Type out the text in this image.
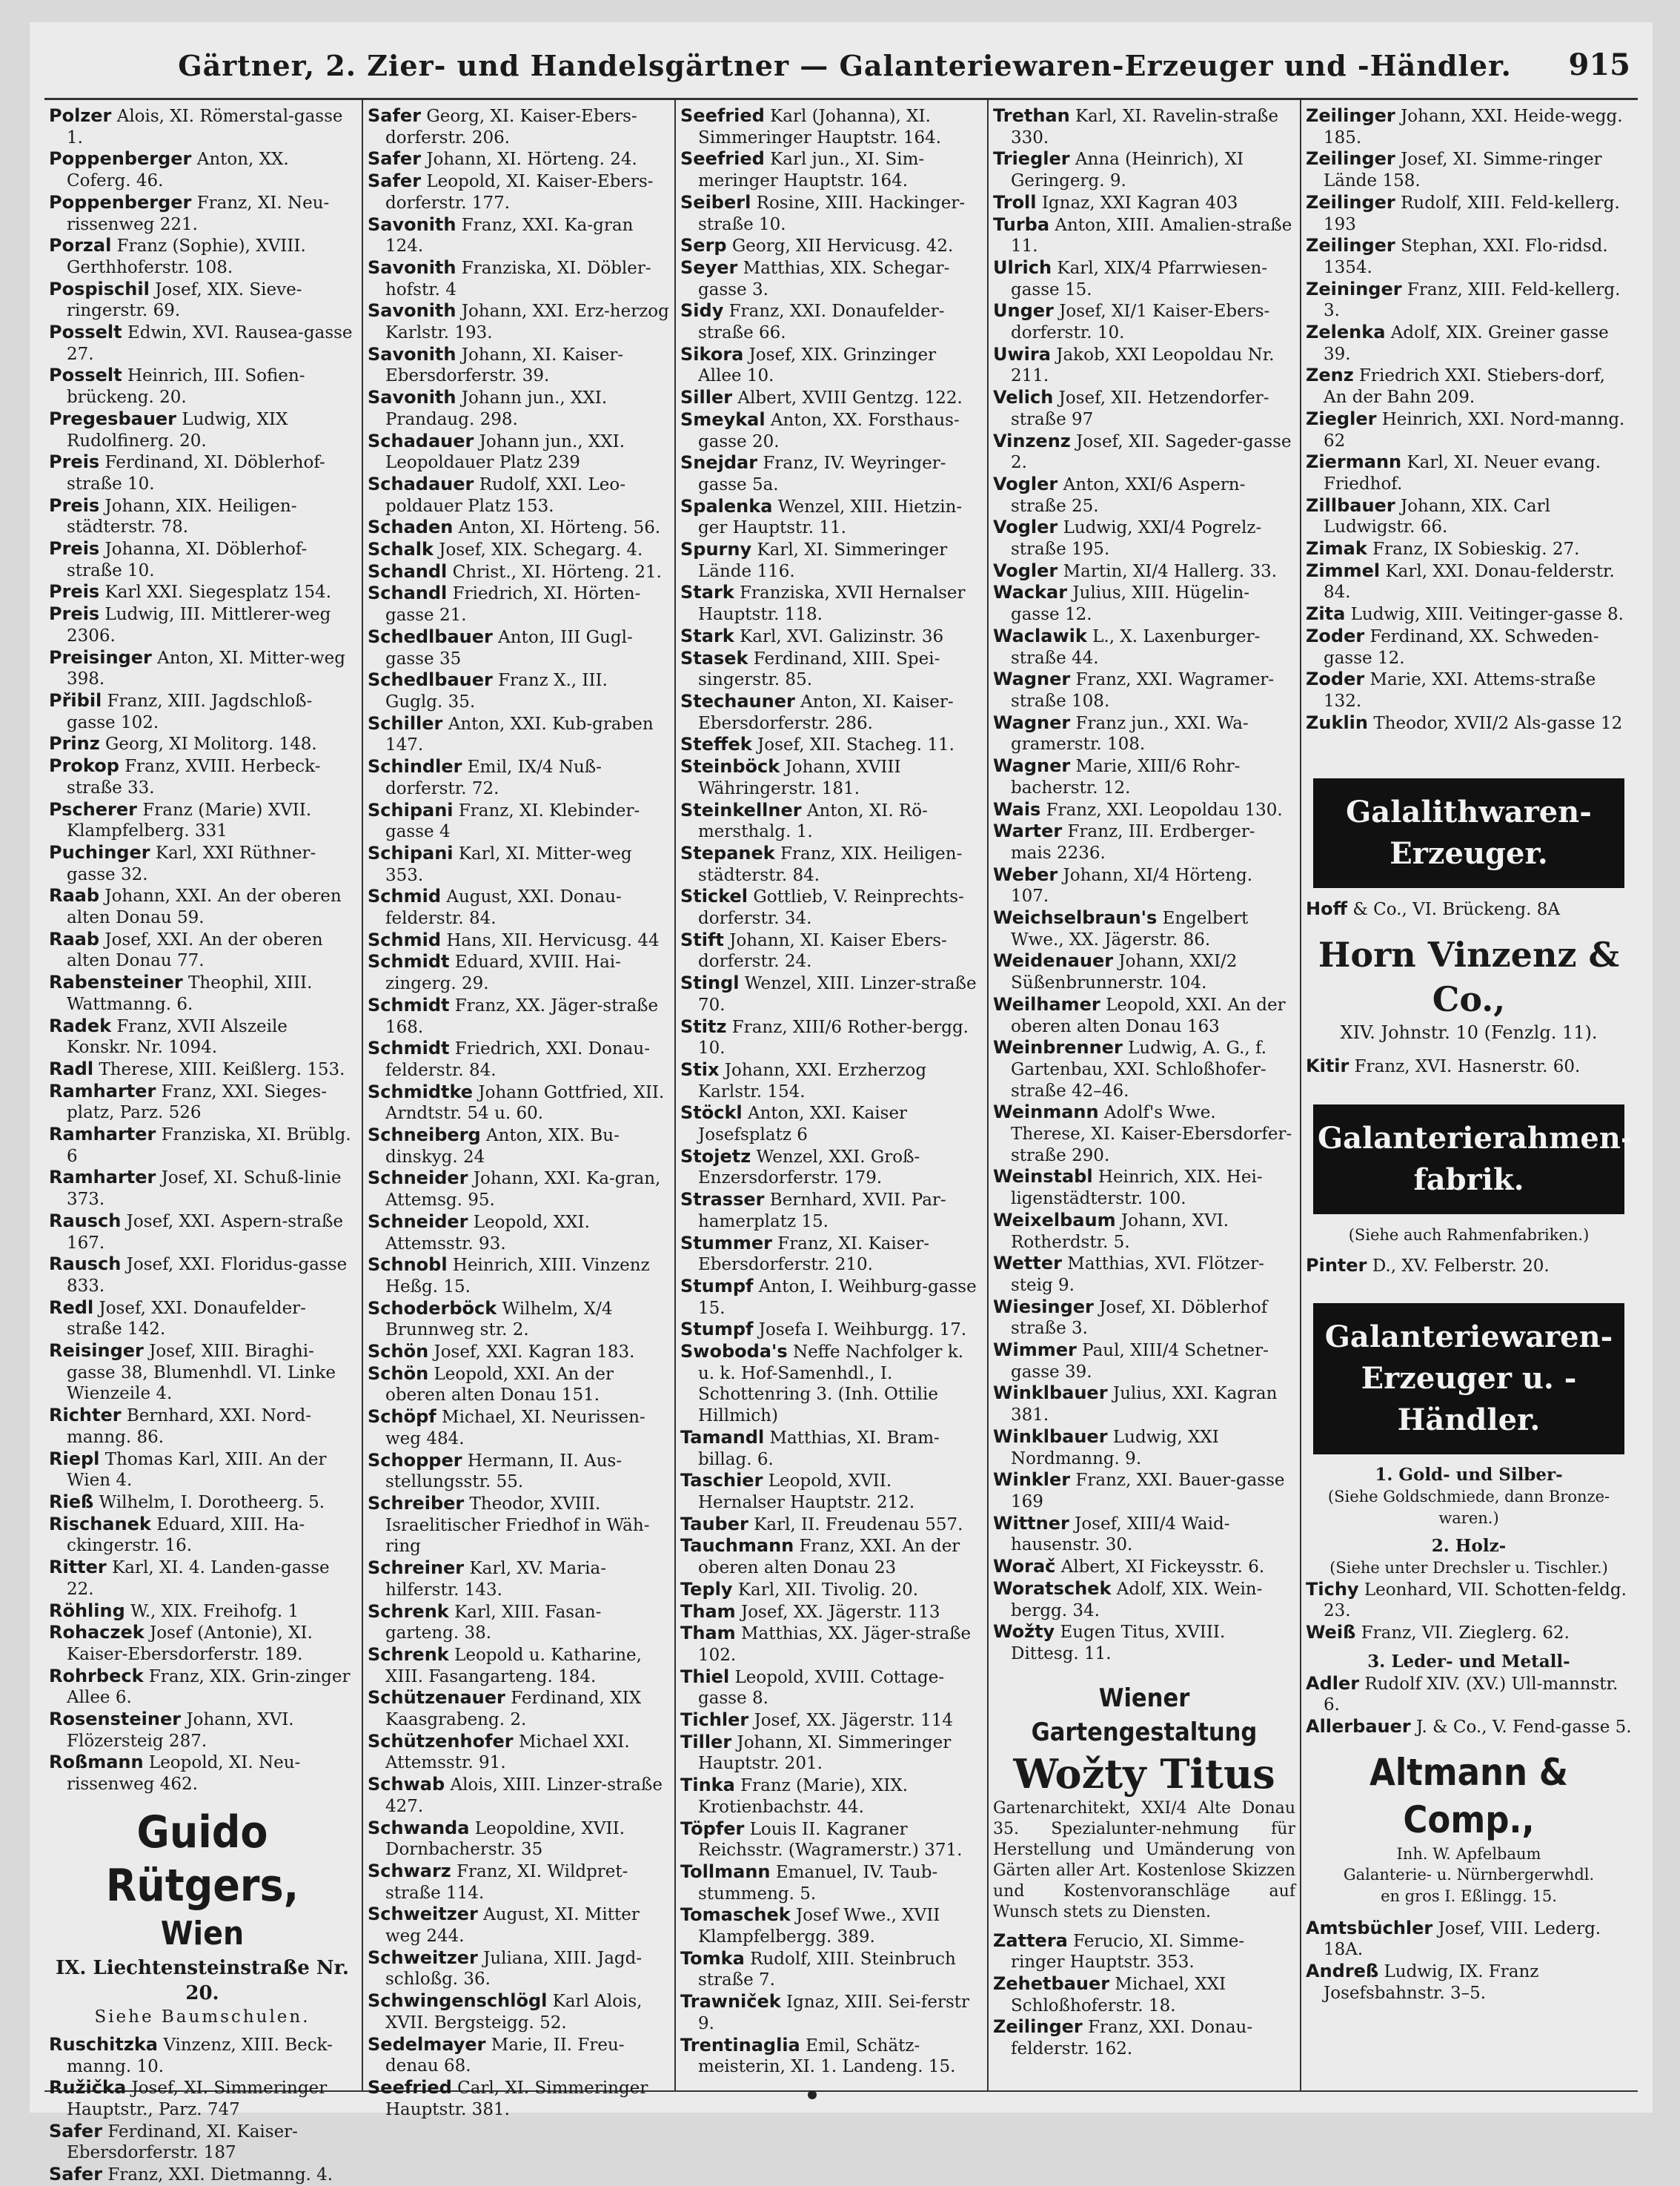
Gärtner, 2. Zier- und Handelsgärtner — Galanteriewaren-Erzeuger und -Händler. 915

Polzer Alois, XI. Römerstal-gasse 1.

Poppenberger Anton, XX. Coferg. 46.

Poppenberger Franz, XI. Neu-rissenweg 221.

Porzal Franz (Sophie), XVIII. Gerthhoferstr. 108.

Pospischil Josef, XIX. Sieve-ringerstr. 69.

Posselt Edwin, XVI. Rausea-gasse 27.

Posselt Heinrich, III. Sofien-brückeng. 20.

Pregesbauer Ludwig, XIX Rudolfinerg. 20.

Preis Ferdinand, XI. Döblerhof-straße 10.

Preis Johann, XIX. Heiligen-städterstr. 78.

Preis Johanna, XI. Döblerhof-straße 10.

Preis Karl XXI. Siegesplatz 154.

Preis Ludwig, III. Mittlerer-weg 2306.

Preisinger Anton, XI. Mitter-weg 398.

Přibil Franz, XIII. Jagdschloß-gasse 102.

Prinz Georg, XI Molitorg. 148.

Prokop Franz, XVIII. Herbeck-straße 33.

Pscherer Franz (Marie) XVII. Klampfelberg. 331

Puchinger Karl, XXI Rüthner-gasse 32.

Raab Johann, XXI. An der oberen alten Donau 59.

Raab Josef, XXI. An der oberen alten Donau 77.

Rabensteiner Theophil, XIII. Wattmanng. 6.

Radek Franz, XVII Alszeile Konskr. Nr. 1094.

Radl Therese, XIII. Keißlerg. 153.

Ramharter Franz, XXI. Sieges-platz, Parz. 526

Ramharter Franziska, XI. Brüblg. 6

Ramharter Josef, XI. Schuß-linie 373.

Rausch Josef, XXI. Aspern-straße 167.

Rausch Josef, XXI. Floridus-gasse 833.

Redl Josef, XXI. Donaufelder-straße 142.

Reisinger Josef, XIII. Biraghi-gasse 38, Blumenhdl. VI. Linke Wienzeile 4.

Richter Bernhard, XXI. Nord-manng. 86.

Riepl Thomas Karl, XIII. An der Wien 4.

Rieß Wilhelm, I. Dorotheerg. 5.

Rischanek Eduard, XIII. Ha-ckingerstr. 16.

Ritter Karl, XI. 4. Landen-gasse 22.

Röhling W., XIX. Freihofg. 1

Rohaczek Josef (Antonie), XI. Kaiser-Ebersdorferstr. 189.

Rohrbeck Franz, XIX. Grin-zinger Allee 6.

Rosensteiner Johann, XVI. Flözersteig 287.

Roßmann Leopold, XI. Neu-rissenweg 462.

Guido Rütgers,
Wien
IX. Liechtensteinstraße Nr. 20.
Siehe Baumschulen.

Ruschitzka Vinzenz, XIII. Beck-manng. 10.

Ružička Josef, XI. Simmeringer Hauptstr., Parz. 747

Safer Ferdinand, XI. Kaiser-Ebersdorferstr. 187

Safer Franz, XXI. Dietmanng. 4.

Safer Georg, XI. Kaiser-Ebers-dorferstr. 206.

Safer Johann, XI. Hörteng. 24.

Safer Leopold, XI. Kaiser-Ebers-dorferstr. 177.

Savonith Franz, XXI. Ka-gran 124.

Savonith Franziska, XI. Döbler-hofstr. 4

Savonith Johann, XXI. Erz-herzog Karlstr. 193.

Savonith Johann, XI. Kaiser-Ebersdorferstr. 39.

Savonith Johann jun., XXI. Prandaug. 298.

Schadauer Johann jun., XXI. Leopoldauer Platz 239

Schadauer Rudolf, XXI. Leo-poldauer Platz 153.

Schaden Anton, XI. Hörteng. 56.

Schalk Josef, XIX. Schegarg. 4.

Schandl Christ., XI. Hörteng. 21.

Schandl Friedrich, XI. Hörten-gasse 21.

Schedlbauer Anton, III Gugl-gasse 35

Schedlbauer Franz X., III. Guglg. 35.

Schiller Anton, XXI. Kub-graben 147.

Schindler Emil, IX/4 Nuß-dorferstr. 72.

Schipani Franz, XI. Klebinder-gasse 4

Schipani Karl, XI. Mitter-weg 353.

Schmid August, XXI. Donau-felderstr. 84.

Schmid Hans, XII. Hervicusg. 44

Schmidt Eduard, XVIII. Hai-zingerg. 29.

Schmidt Franz, XX. Jäger-straße 168.

Schmidt Friedrich, XXI. Donau-felderstr. 84.

Schmidtke Johann Gottfried, XII. Arndtstr. 54 u. 60.

Schneiberg Anton, XIX. Bu-dinskyg. 24

Schneider Johann, XXI. Ka-gran, Attemsg. 95.

Schneider Leopold, XXI. Attemsstr. 93.

Schnobl Heinrich, XIII. Vinzenz Heßg. 15.

Schoderböck Wilhelm, X/4 Brunnweg str. 2.

Schön Josef, XXI. Kagran 183.

Schön Leopold, XXI. An der oberen alten Donau 151.

Schöpf Michael, XI. Neurissen-weg 484.

Schopper Hermann, II. Aus-stellungsstr. 55.

Schreiber Theodor, XVIII. Israelitischer Friedhof in Wäh-ring

Schreiner Karl, XV. Maria-hilferstr. 143.

Schrenk Karl, XIII. Fasan-garteng. 38.

Schrenk Leopold u. Katharine, XIII. Fasangarteng. 184.

Schützenauer Ferdinand, XIX Kaasgrabeng. 2.

Schützenhofer Michael XXI. Attemsstr. 91.

Schwab Alois, XIII. Linzer-straße 427.

Schwanda Leopoldine, XVII. Dornbacherstr. 35

Schwarz Franz, XI. Wildpret-straße 114.

Schweitzer August, XI. Mitter weg 244.

Schweitzer Juliana, XIII. Jagd-schloßg. 36.

Schwingenschlögl Karl Alois, XVII. Bergsteigg. 52.

Sedelmayer Marie, II. Freu-denau 68.

Seefried Carl, XI. Simmeringer Hauptstr. 381.

Seefried Karl (Johanna), XI. Simmeringer Hauptstr. 164.

Seefried Karl jun., XI. Sim-meringer Hauptstr. 164.

Seiberl Rosine, XIII. Hackinger-straße 10.

Serp Georg, XII Hervicusg. 42.

Seyer Matthias, XIX. Schegar-gasse 3.

Sidy Franz, XXI. Donaufelder-straße 66.

Sikora Josef, XIX. Grinzinger Allee 10.

Siller Albert, XVIII Gentzg. 122.

Smeykal Anton, XX. Forsthaus-gasse 20.

Snejdar Franz, IV. Weyringer-gasse 5a.

Spalenka Wenzel, XIII. Hietzin-ger Hauptstr. 11.

Spurny Karl, XI. Simmeringer Lände 116.

Stark Franziska, XVII Hernalser Hauptstr. 118.

Stark Karl, XVI. Galizinstr. 36

Stasek Ferdinand, XIII. Spei-singerstr. 85.

Stechauner Anton, XI. Kaiser-Ebersdorferstr. 286.

Steffek Josef, XII. Stacheg. 11.

Steinböck Johann, XVIII Währingerstr. 181.

Steinkellner Anton, XI. Rö-mersthalg. 1.

Stepanek Franz, XIX. Heiligen-städterstr. 84.

Stickel Gottlieb, V. Reinprechts-dorferstr. 34.

Stift Johann, XI. Kaiser Ebers-dorferstr. 24.

Stingl Wenzel, XIII. Linzer-straße 70.

Stitz Franz, XIII/6 Rother-bergg. 10.

Stix Johann, XXI. Erzherzog Karlstr. 154.

Stöckl Anton, XXI. Kaiser Josefsplatz 6

Stojetz Wenzel, XXI. Groß-Enzersdorferstr. 179.

Strasser Bernhard, XVII. Par-hamerplatz 15.

Stummer Franz, XI. Kaiser-Ebersdorferstr. 210.

Stumpf Anton, I. Weihburg-gasse 15.

Stumpf Josefa I. Weihburgg. 17.

Swoboda's Neffe Nachfolger k. u. k. Hof-Samenhdl., I. Schottenring 3. (Inh. Ottilie Hillmich)

Tamandl Matthias, XI. Bram-billag. 6.

Taschier Leopold, XVII. Hernalser Hauptstr. 212.

Tauber Karl, II. Freudenau 557.

Tauchmann Franz, XXI. An der oberen alten Donau 23

Teply Karl, XII. Tivolig. 20.

Tham Josef, XX. Jägerstr. 113

Tham Matthias, XX. Jäger-straße 102.

Thiel Leopold, XVIII. Cottage-gasse 8.

Tichler Josef, XX. Jägerstr. 114

Tiller Johann, XI. Simmeringer Hauptstr. 201.

Tinka Franz (Marie), XIX. Krotienbachstr. 44.

Töpfer Louis II. Kagraner Reichsstr. (Wagramerstr.) 371.

Tollmann Emanuel, IV. Taub-stummeng. 5.

Tomaschek Josef Wwe., XVII Klampfelbergg. 389.

Tomka Rudolf, XIII. Steinbruch straße 7.

Trawniček Ignaz, XIII. Sei-ferstr 9.

Trentinaglia Emil, Schätz-meisterin, XI. 1. Landeng. 15.

Trethan Karl, XI. Ravelin-straße 330.

Triegler Anna (Heinrich), XI Geringerg. 9.

Troll Ignaz, XXI Kagran 403

Turba Anton, XIII. Amalien-straße 11.

Ulrich Karl, XIX/4 Pfarrwiesen-gasse 15.

Unger Josef, XI/1 Kaiser-Ebers-dorferstr. 10.

Uwira Jakob, XXI Leopoldau Nr. 211.

Velich Josef, XII. Hetzendorfer-straße 97

Vinzenz Josef, XII. Sageder-gasse 2.

Vogler Anton, XXI/6 Aspern-straße 25.

Vogler Ludwig, XXI/4 Pogrelz-straße 195.

Vogler Martin, XI/4 Hallerg. 33.

Wackar Julius, XIII. Hügelin-gasse 12.

Waclawik L., X. Laxenburger-straße 44.

Wagner Franz, XXI. Wagramer-straße 108.

Wagner Franz jun., XXI. Wa-gramerstr. 108.

Wagner Marie, XIII/6 Rohr-bacherstr. 12.

Wais Franz, XXI. Leopoldau 130.

Warter Franz, III. Erdberger-mais 2236.

Weber Johann, XI/4 Hörteng. 107.

Weichselbraun's Engelbert Wwe., XX. Jägerstr. 86.

Weidenauer Johann, XXI/2 Süßenbrunnerstr. 104.

Weilhamer Leopold, XXI. An der oberen alten Donau 163

Weinbrenner Ludwig, A. G., f. Gartenbau, XXI. Schloßhofer-straße 42–46.

Weinmann Adolf's Wwe. Therese, XI. Kaiser-Ebersdorfer-straße 290.

Weinstabl Heinrich, XIX. Hei-ligenstädterstr. 100.

Weixelbaum Johann, XVI. Rotherdstr. 5.

Wetter Matthias, XVI. Flötzer-steig 9.

Wiesinger Josef, XI. Döblerhof straße 3.

Wimmer Paul, XIII/4 Schetner-gasse 39.

Winklbauer Julius, XXI. Kagran 381.

Winklbauer Ludwig, XXI Nordmanng. 9.

Winkler Franz, XXI. Bauer-gasse 169

Wittner Josef, XIII/4 Waid-hausenstr. 30.

Worač Albert, XI Fickeysstr. 6.

Woratschek Adolf, XIX. Wein-bergg. 34.

Wožty Eugen Titus, XVIII. Dittesg. 11.

Wiener Gartengestaltung
Wožty Titus
Gartenarchitekt, XXI/4 Alte Donau 35. Spezialunter-nehmung für Herstellung und Umänderung von Gärten aller Art. Kostenlose Skizzen und Kostenvoranschläge auf Wunsch stets zu Diensten.

Zattera Ferucio, XI. Simme-ringer Hauptstr. 353.

Zehetbauer Michael, XXI Schloßhoferstr. 18.

Zeilinger Franz, XXI. Donau-felderstr. 162.

Zeilinger Johann, XXI. Heide-wegg. 185.

Zeilinger Josef, XI. Simme-ringer Lände 158.

Zeilinger Rudolf, XIII. Feld-kellerg. 193

Zeilinger Stephan, XXI. Flo-ridsd. 1354.

Zeininger Franz, XIII. Feld-kellerg. 3.

Zelenka Adolf, XIX. Greiner gasse 39.

Zenz Friedrich XXI. Stiebers-dorf, An der Bahn 209.

Ziegler Heinrich, XXI. Nord-manng. 62

Ziermann Karl, XI. Neuer evang. Friedhof.

Zillbauer Johann, XIX. Carl Ludwigstr. 66.

Zimak Franz, IX Sobieskig. 27.

Zimmel Karl, XXI. Donau-felderstr. 84.

Zita Ludwig, XIII. Veitinger-gasse 8.

Zoder Ferdinand, XX. Schweden-gasse 12.

Zoder Marie, XXI. Attems-straße 132.

Zuklin Theodor, XVII/2 Als-gasse 12

Galalithwaren-
Erzeuger.

Hoff & Co., VI. Brückeng. 8A

Horn Vinzenz & Co.,
XIV. Johnstr. 10 (Fenzlg. 11).

Kitir Franz, XVI. Hasnerstr. 60.

Galanterierahmen-
fabrik.
(Siehe auch Rahmenfabriken.)

Pinter D., XV. Felberstr. 20.

Galanteriewaren-
Erzeuger u. -Händler.
1. Gold- und Silber-
(Siehe Goldschmiede, dann Bronze-waren.)
2. Holz-
(Siehe unter Drechsler u. Tischler.)

Tichy Leonhard, VII. Schotten-feldg. 23.

Weiß Franz, VII. Zieglerg. 62.

3. Leder- und Metall-

Adler Rudolf XIV. (XV.) Ull-mannstr. 6.

Allerbauer J. & Co., V. Fend-gasse 5.

Altmann & Comp.,
Inh. W. Apfelbaum
Galanterie- u. Nürnbergerwhdl.
en gros I. Eßlingg. 15.

Amtsbüchler Josef, VIII. Lederg. 18A.

Andreß Ludwig, IX. Franz Josefsbahnstr. 3–5.
